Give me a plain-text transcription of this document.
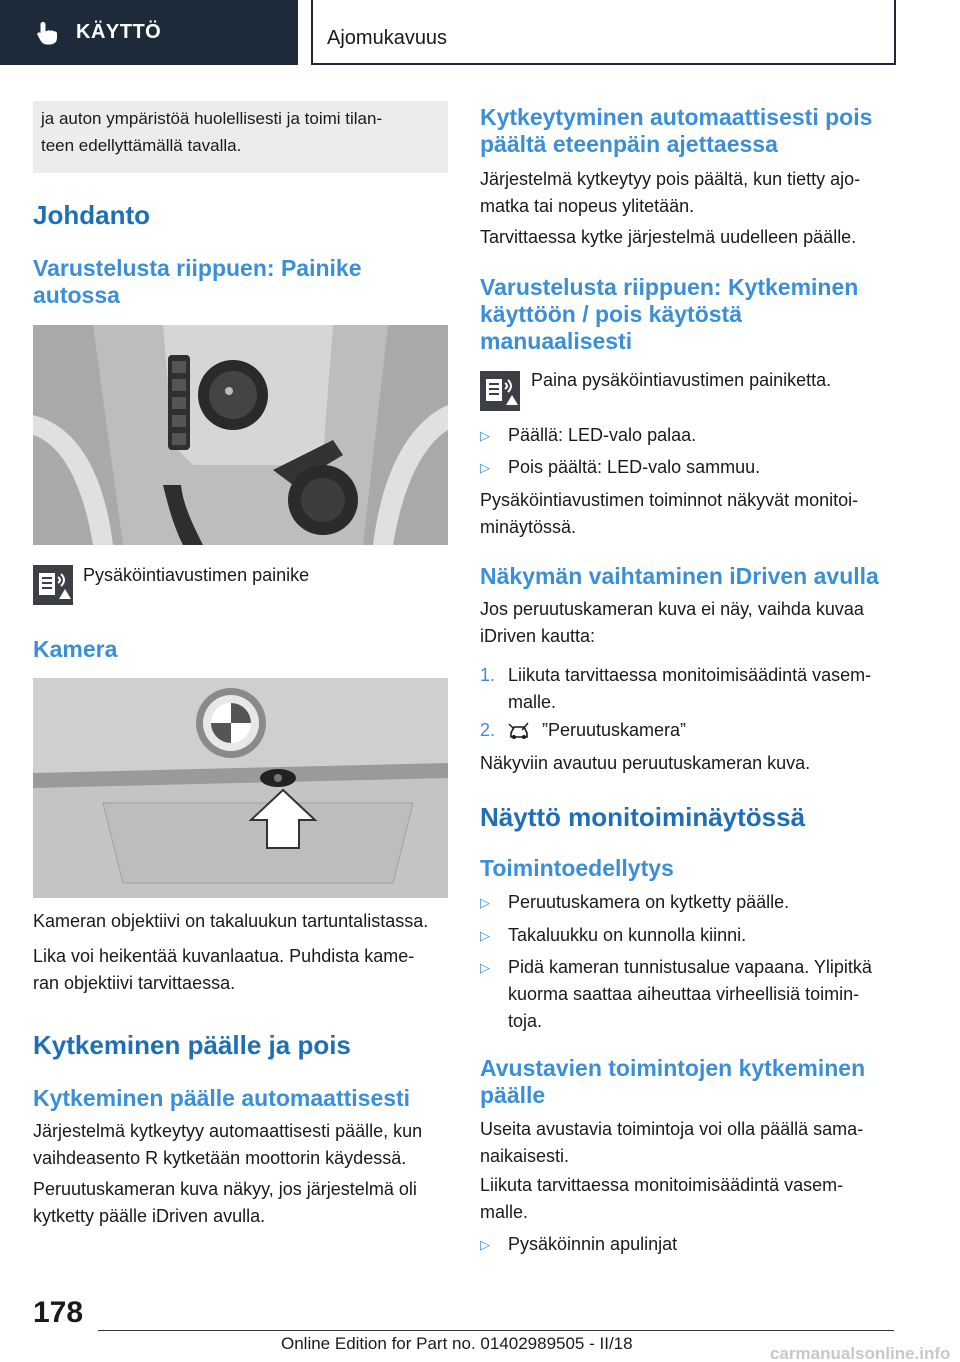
KÄYTTÖ	Ajomukavuus
ja auton ympäristöä huolellisesti ja toimi tilan-
teen edellyttämällä tavalla.
Johdanto
Varustelusta riippuen: Painike
autossa
Pysäköintiavustimen painike
Kamera
Kameran objektiivi on takaluukun tartuntalistassa.
Lika voi heikentää kuvanlaatua. Puhdista kame-
ran objektiivi tarvittaessa.
Kytkeminen päälle ja pois
Kytkeminen päälle automaattisesti
Järjestelmä kytkeytyy automaattisesti päälle, kun
vaihdeasento R kytketään moottorin käydessä.
Peruutuskameran kuva näkyy, jos järjestelmä oli
kytketty päälle iDriven avulla.
Kytkeytyminen automaattisesti pois
päältä eteenpäin ajettaessa
Järjestelmä kytkeytyy pois päältä, kun tietty ajo-
matka tai nopeus ylitetään.
Tarvittaessa kytke järjestelmä uudelleen päälle.
Varustelusta riippuen: Kytkeminen
käyttöön / pois käytöstä
manuaalisesti
Paina pysäköintiavustimen painiketta.
▷ Päällä: LED-valo palaa.
▷ Pois päältä: LED-valo sammuu.
Pysäköintiavustimen toiminnot näkyvät monitoi-
minäytössä.
Näkymän vaihtaminen iDriven avulla
Jos peruutuskameran kuva ei näy, vaihda kuvaa
iDriven kautta:
1. Liikuta tarvittaessa monitoimisäädintä vasem-
malle.
2.	”Peruutuskamera”
Näkyviin avautuu peruutuskameran kuva.
Näyttö monitoiminäytössä
Toimintoedellytys
▷ Peruutuskamera on kytketty päälle.
▷ Takaluukku on kunnolla kiinni.
▷ Pidä kameran tunnistusalue vapaana. Ylipitkä
kuorma saattaa aiheuttaa virheellisiä toimin-
toja.
Avustavien toimintojen kytkeminen
päälle
Useita avustavia toimintoja voi olla päällä sama-
naikaisesti.
Liikuta tarvittaessa monitoimisäädintä vasem-
malle.
▷ Pysäköinnin apulinjat
178
Online Edition for Part no. 01402989505 - II/18
carmanualsonline.info
